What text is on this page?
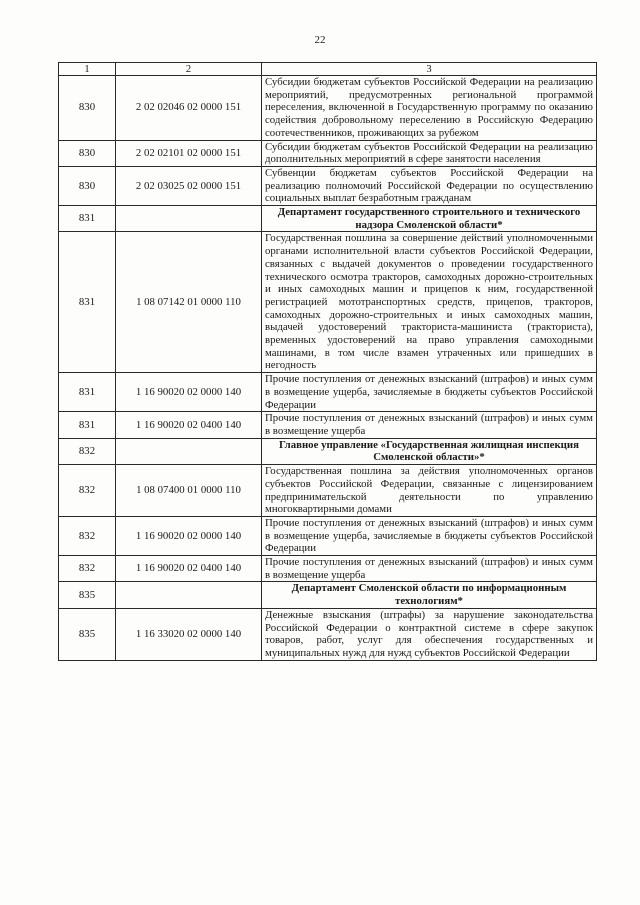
22
1	2	3
830	2 02 02046 02 0000 151	Субсидии бюджетам субъектов Российской Федерации на реализацию мероприятий, предусмотренных региональной программой переселения, включенной в Государственную программу по оказанию содействия добровольному переселению в Российскую Федерацию соотечественников, проживающих за рубежом
830	2 02 02101 02 0000 151	Субсидии бюджетам субъектов Российской Федерации на реализацию дополнительных мероприятий в сфере занятости населения
830	2 02 03025 02 0000 151	Субвенции бюджетам субъектов Российской Федерации на реализацию полномочий Российской Федерации по осуществлению социальных выплат безработным гражданам
831		Департамент государственного строительного и технического надзора Смоленской области*
831	1 08 07142 01 0000 110	Государственная пошлина за совершение действий уполномоченными органами исполнительной власти субъектов Российской Федерации, связанных с выдачей документов о проведении государственного технического осмотра тракторов, самоходных дорожно-строительных и иных самоходных машин и прицепов к ним, государственной регистрацией мототранспортных средств, прицепов, тракторов, самоходных дорожно-строительных и иных самоходных машин, выдачей удостоверений тракториста-машиниста (тракториста), временных удостоверений на право управления самоходными машинами, в том числе взамен утраченных или пришедших в негодность
831	1 16 90020 02 0000 140	Прочие поступления от денежных взысканий (штрафов) и иных сумм в возмещение ущерба, зачисляемые в бюджеты субъектов Российской Федерации
831	1 16 90020 02 0400 140	Прочие поступления от денежных взысканий (штрафов) и иных сумм в возмещение ущерба
832		Главное управление «Государственная жилищная инспекция Смоленской области»*
832	1 08 07400 01 0000 110	Государственная пошлина за действия уполномоченных органов субъектов Российской Федерации, связанные с лицензированием предпринимательской деятельности по управлению многоквартирными домами
832	1 16 90020 02 0000 140	Прочие поступления от денежных взысканий (штрафов) и иных сумм в возмещение ущерба, зачисляемые в бюджеты субъектов Российской Федерации
832	1 16 90020 02 0400 140	Прочие поступления от денежных взысканий (штрафов) и иных сумм в возмещение ущерба
835		Департамент Смоленской области по информационным технологиям*
835	1 16 33020 02 0000 140	Денежные взыскания (штрафы) за нарушение законодательства Российской Федерации о контрактной системе в сфере закупок товаров, работ, услуг для обеспечения государственных и муниципальных нужд для нужд субъектов Российской Федерации
